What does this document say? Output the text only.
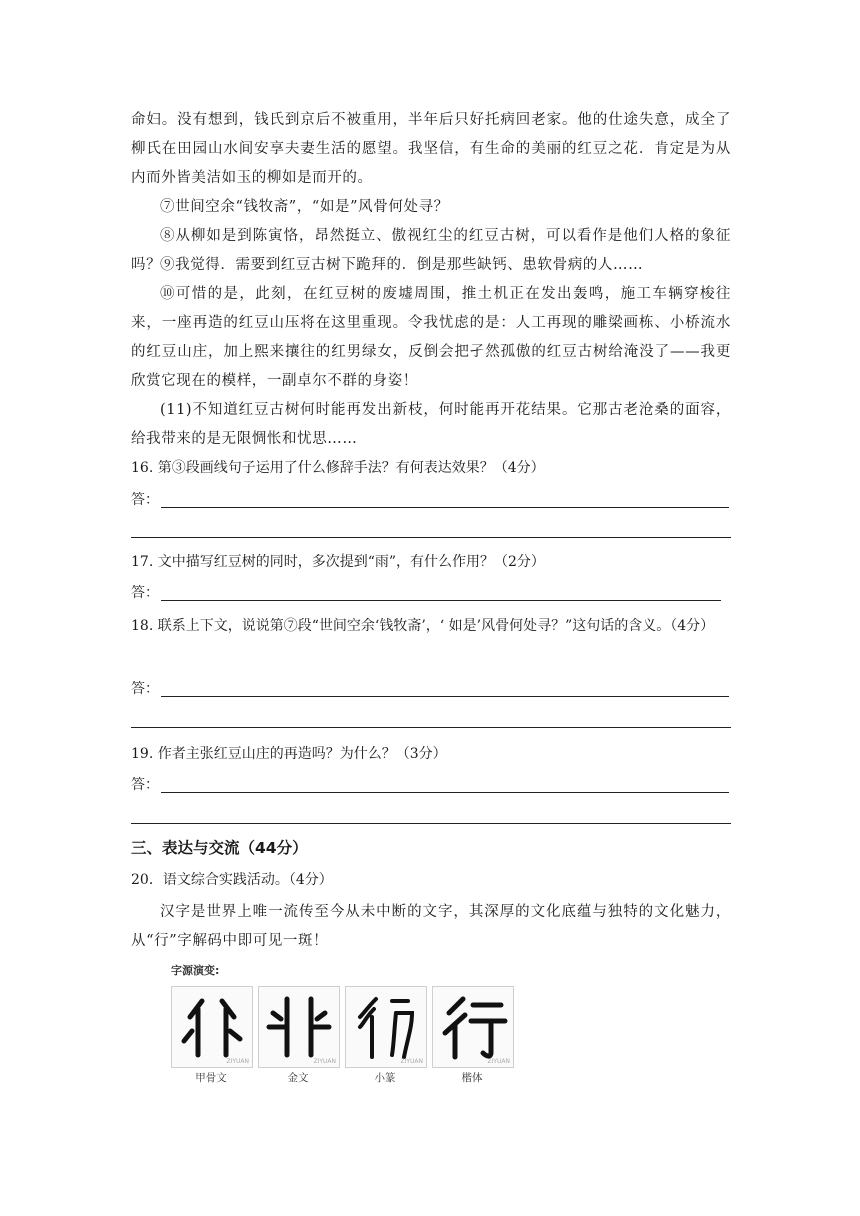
命妇。没有想到，钱氏到京后不被重用，半年后只好托病回老家。他的仕途失意，成全了柳氏在田园山水间安享夫妻生活的愿望。我坚信，有生命的美丽的红豆之花．肯定是为从内而外皆美洁如玉的柳如是而开的。

⑦世间空余“钱牧斋”，“如是”风骨何处寻？

⑧从柳如是到陈寅恪，昂然挺立、傲视红尘的红豆古树，可以看作是他们人格的象征吗？

⑨我觉得．需要到红豆古树下跪拜的．倒是那些缺钙、患软骨病的人……

⑩可惜的是，此刻，在红豆树的废墟周围，推土机正在发出轰鸣，施工车辆穿梭往来，一座再造的红豆山压将在这里重现。令我忧虑的是：人工再现的雕梁画栋、小桥流水的红豆山庄，加上熙来攘往的红男绿女，反倒会把孑然孤傲的红豆古树给淹没了——我更欣赏它现在的模样，一副卓尔不群的身姿！

(11)不知道红豆古树何时能再发出新枝，何时能再开花结果。它那古老沧桑的面容，给我带来的是无限惆怅和忧思……

16. 第③段画线句子运用了什么修辞手法？有何表达效果？（4分）

答：

17. 文中描写红豆树的同时，多次提到“雨”，有什么作用？（2分）

答：

18. 联系上下文，说说第⑦段“世间空余‘钱牧斋’，‘ 如是’风骨何处寻？”这句话的含义。（4分）

答：

19. 作者主张红豆山庄的再造吗？为什么？（3分）

答：
三、表达与交流（44分）

20．语文综合实践活动。（4分）

汉字是世界上唯一流传至今从未中断的文字，其深厚的文化底蕴与独特的文化魅力，从“行”字解码中即可见一斑！

字源演变:
ZIYUAN	ZIYUAN	ZIYUAN	ZIYUAN
甲骨文	金文	小篆	楷体
